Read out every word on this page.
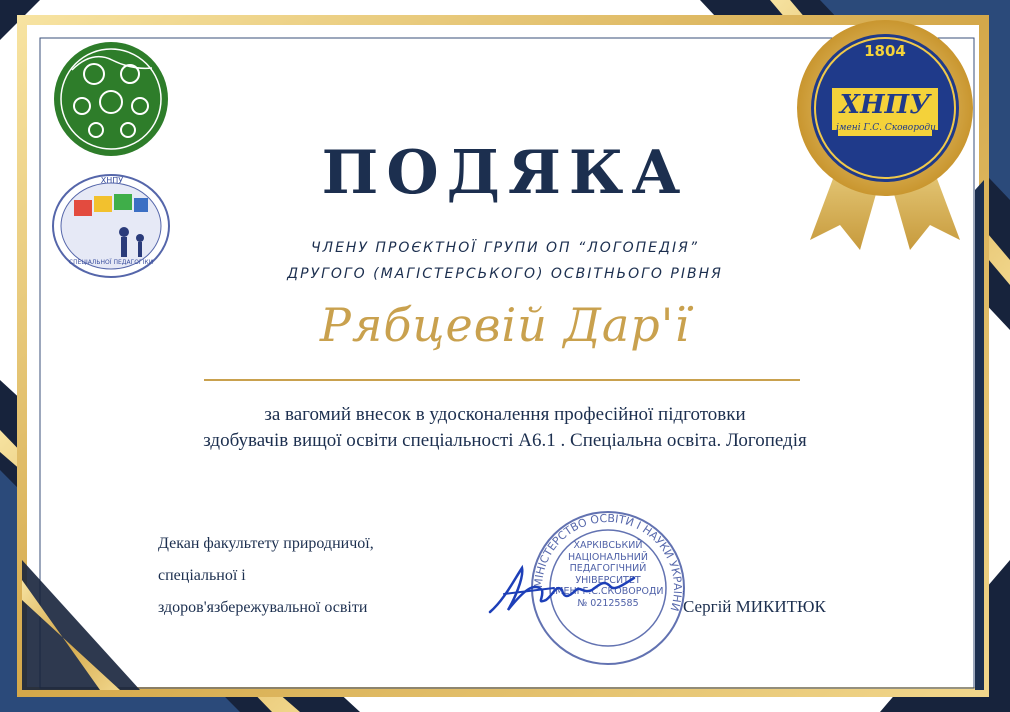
ХНПУ
СПЕЦІАЛЬНОЇ ПЕДАГОГІКИ
1804
ХНПУ
імені Г.С. Сковороди
ПОДЯКА
ЧЛЕНУ ПРОЄКТНОЇ ГРУПИ ОП “ЛОГОПЕДІЯ”
ДРУГОГО (МАГІСТЕРСЬКОГО) ОСВІТНЬОГО РІВНЯ
Рябцевій Дар'ї
за вагомий внесок в удосконалення професійної підготовки
здобувачів вищої освіти спеціальності А6.1 . Спеціальна освіта. Логопедія
Декан факультету природничої,
спеціальної і
здоров'язбережувальної освіти
МІНІСТЕРСТВО ОСВІТИ І НАУКИ УКРАЇНИ
ХАРКІВСЬКИЙ
НАЦІОНАЛЬНИЙ
ПЕДАГОГІЧНИЙ
УНІВЕРСИТЕТ
ІМЕНІ Г.С.СКОВОРОДИ
№ 02125585	Сергій МИКИТЮК
